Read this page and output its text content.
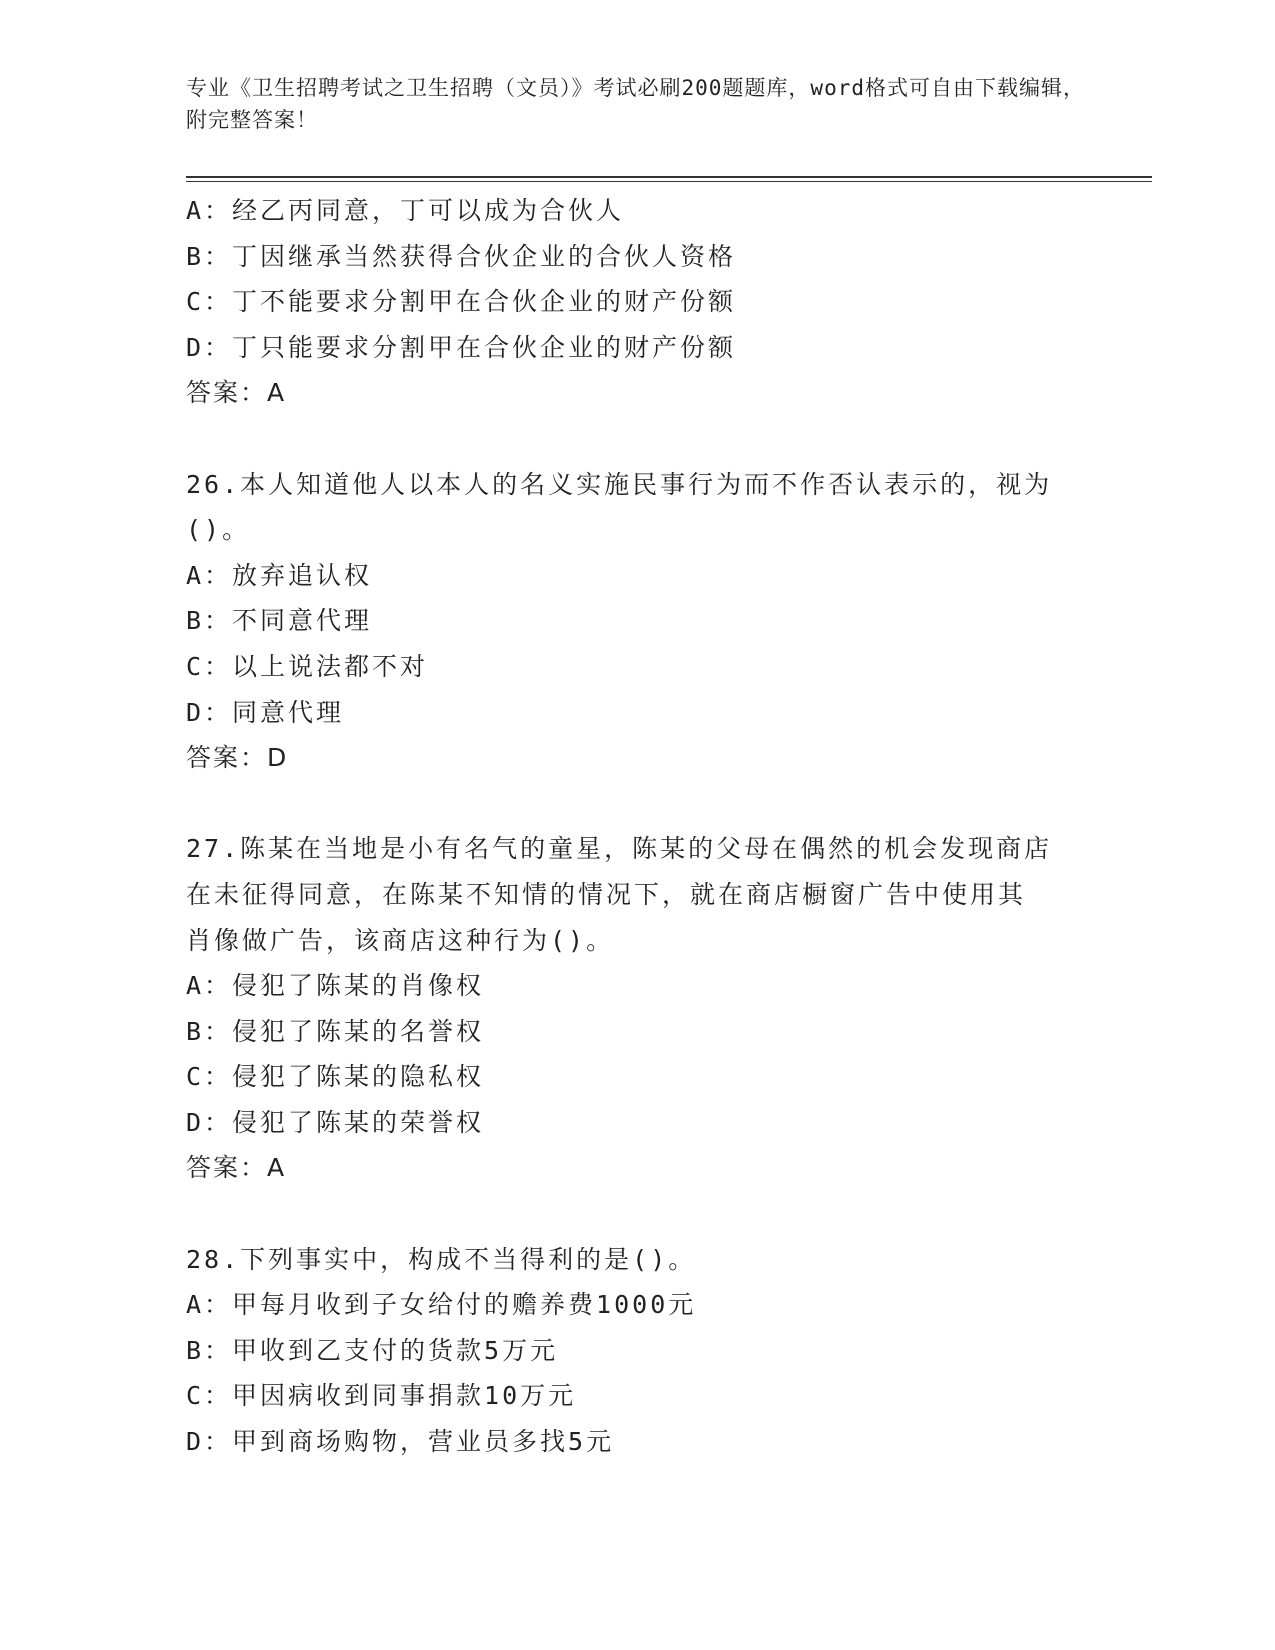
专业《卫生招聘考试之卫生招聘（文员）》考试必刷200题题库，word格式可自由下载编辑，附完整答案！
A：经乙丙同意，丁可以成为合伙人
B：丁因继承当然获得合伙企业的合伙人资格
C：丁不能要求分割甲在合伙企业的财产份额
D：丁只能要求分割甲在合伙企业的财产份额
答案：A
26.本人知道他人以本人的名义实施民事行为而不作否认表示的，视为
()。
A：放弃追认权
B：不同意代理
C：以上说法都不对
D：同意代理
答案：D
27.陈某在当地是小有名气的童星，陈某的父母在偶然的机会发现商店
在未征得同意，在陈某不知情的情况下，就在商店橱窗广告中使用其
肖像做广告，该商店这种行为()。
A：侵犯了陈某的肖像权
B：侵犯了陈某的名誉权
C：侵犯了陈某的隐私权
D：侵犯了陈某的荣誉权
答案：A
28.下列事实中，构成不当得利的是()。
A：甲每月收到子女给付的赡养费1000元
B：甲收到乙支付的货款5万元
C：甲因病收到同事捐款10万元
D：甲到商场购物，营业员多找5元
